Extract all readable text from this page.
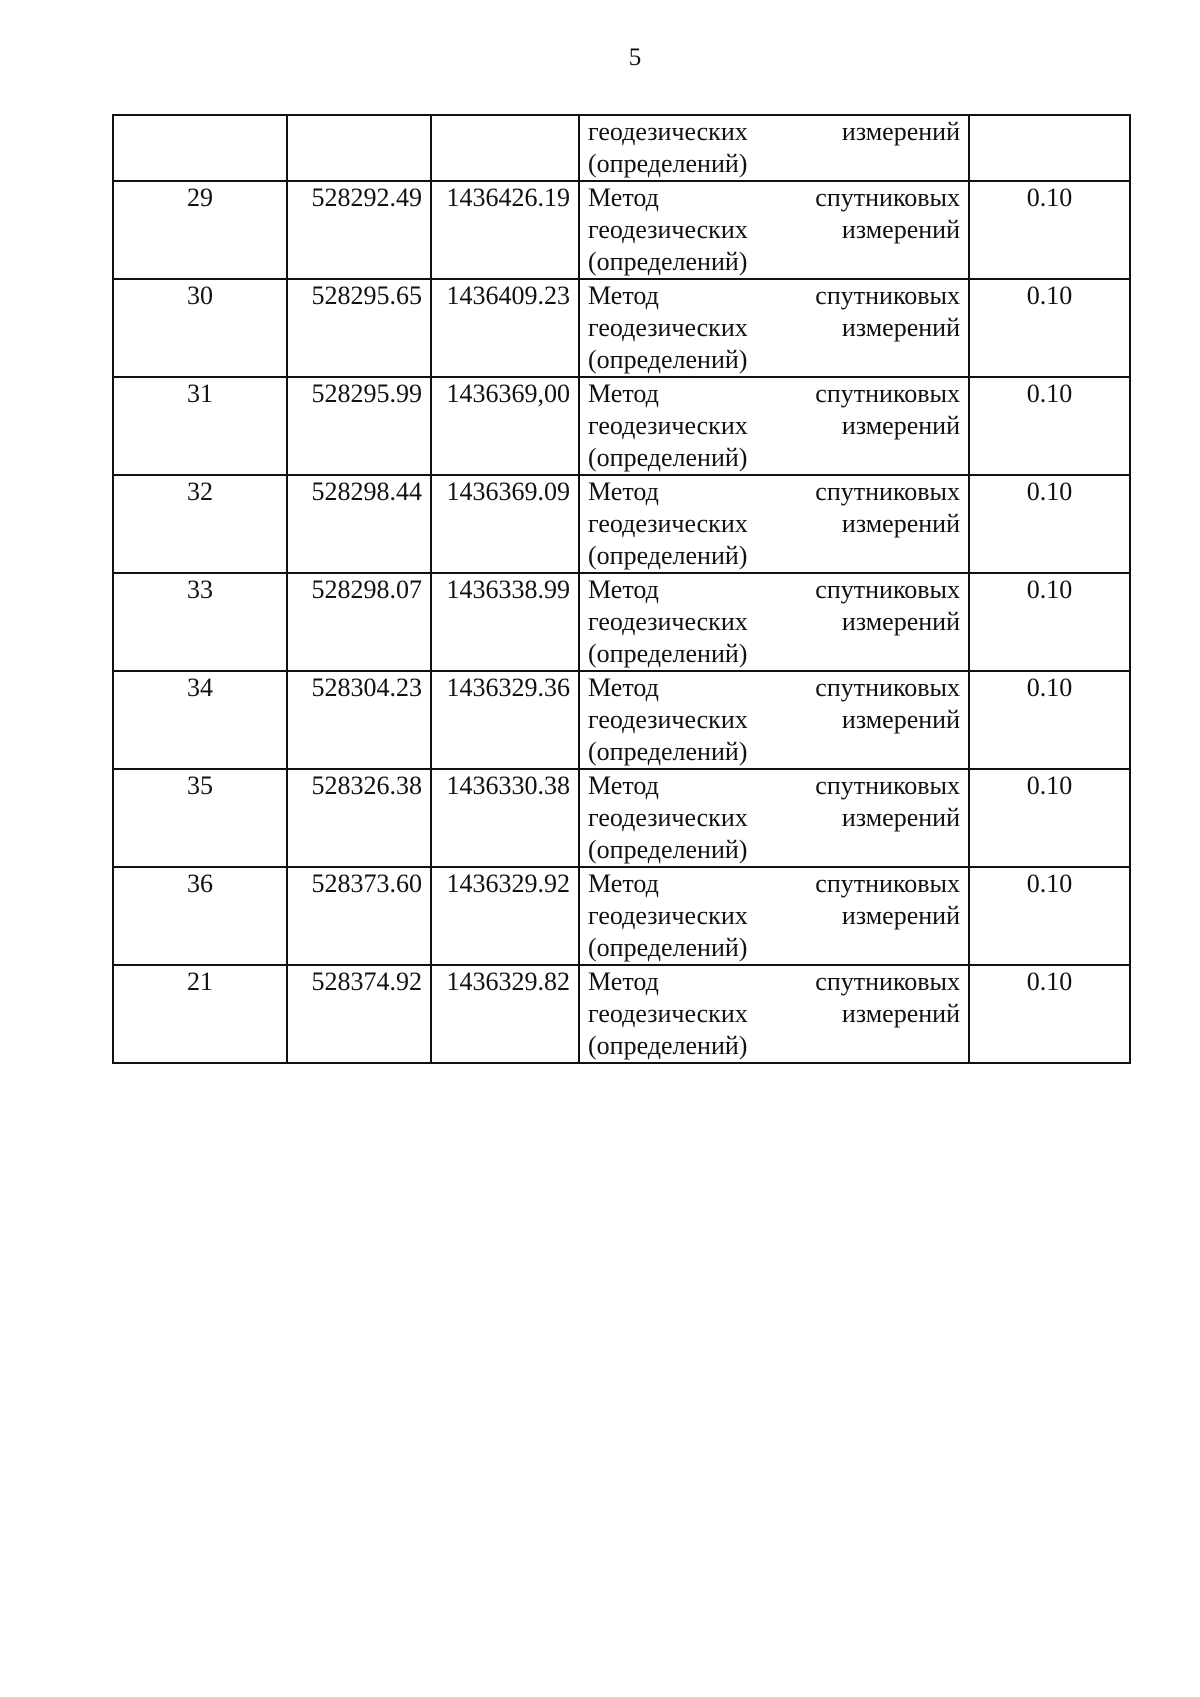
5

			геодезических измерений
(определений)	

29	528292.49	1436426.19	Метод спутниковых
геодезических измерений
(определений)	0.10
30	528295.65	1436409.23	Метод спутниковых
геодезических измерений
(определений)	0.10
31	528295.99	1436369,00	Метод спутниковых
геодезических измерений
(определений)	0.10
32	528298.44	1436369.09	Метод спутниковых
геодезических измерений
(определений)	0.10
33	528298.07	1436338.99	Метод спутниковых
геодезических измерений
(определений)	0.10
34	528304.23	1436329.36	Метод спутниковых
геодезических измерений
(определений)	0.10
35	528326.38	1436330.38	Метод спутниковых
геодезических измерений
(определений)	0.10
36	528373.60	1436329.92	Метод спутниковых
геодезических измерений
(определений)	0.10
21	528374.92	1436329.82	Метод спутниковых
геодезических измерений
(определений)	0.10
